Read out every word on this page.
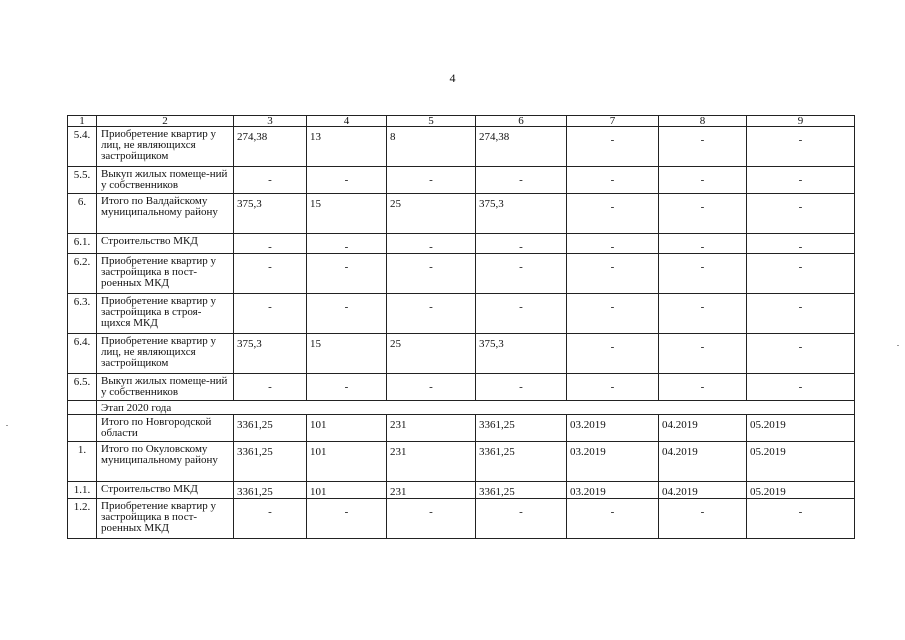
4
1	2	3	4	5	6	7	8	9
5.4.	Приобретение квартир у лиц, не являющихся застройщиком	274,38	13	8	274,38	-	-	-
5.5.	Выкуп жилых помеще-ний у собственников	-	-	-	-	-	-	-
6.	Итого по Валдайскому муниципальному району	375,3	15	25	375,3	-	-	-
6.1.	Строительство МКД	-	-	-	-	-	-	-
6.2.	Приобретение квартир у застройщика в пост-роенных МКД	-	-	-	-	-	-	-
6.3.	Приобретение квартир у застройщика в строя-щихся МКД	-	-	-	-	-	-	-
6.4.	Приобретение квартир у лиц, не являющихся застройщиком	375,3	15	25	375,3	-	-	-
6.5.	Выкуп жилых помеще-ний у собственников	-	-	-	-	-	-	-
	Этап 2020 года							
	Итого по Новгородской области	3361,25	101	231	3361,25	03.2019	04.2019	05.2019
1.	Итого по Окуловскому муниципальному району	3361,25	101	231	3361,25	03.2019	04.2019	05.2019
1.1.	Строительство МКД	3361,25	101	231	3361,25	03.2019	04.2019	05.2019
1.2.	Приобретение квартир у застройщика в пост-роенных МКД	-	-	-	-	-	-	-
